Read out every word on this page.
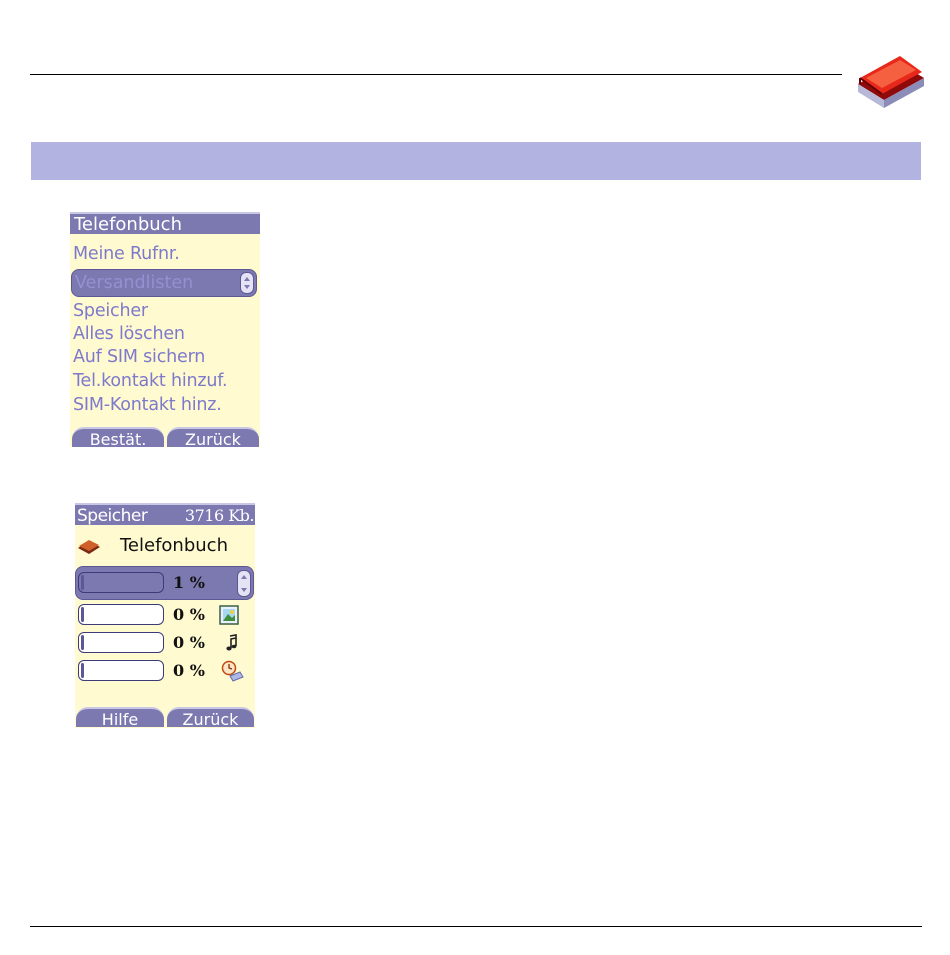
Telefonbuch
Meine Rufnr.
Versandlisten
Speicher
Alles löschen
Auf SIM sichern
Tel.kontakt hinzuf.
SIM-Kontakt hinz.
Bestät.	Zurück
Speicher 3716 Kb.
Telefonbuch
1 %
0 %
0 %
0 %
Hilfe	Zurück
